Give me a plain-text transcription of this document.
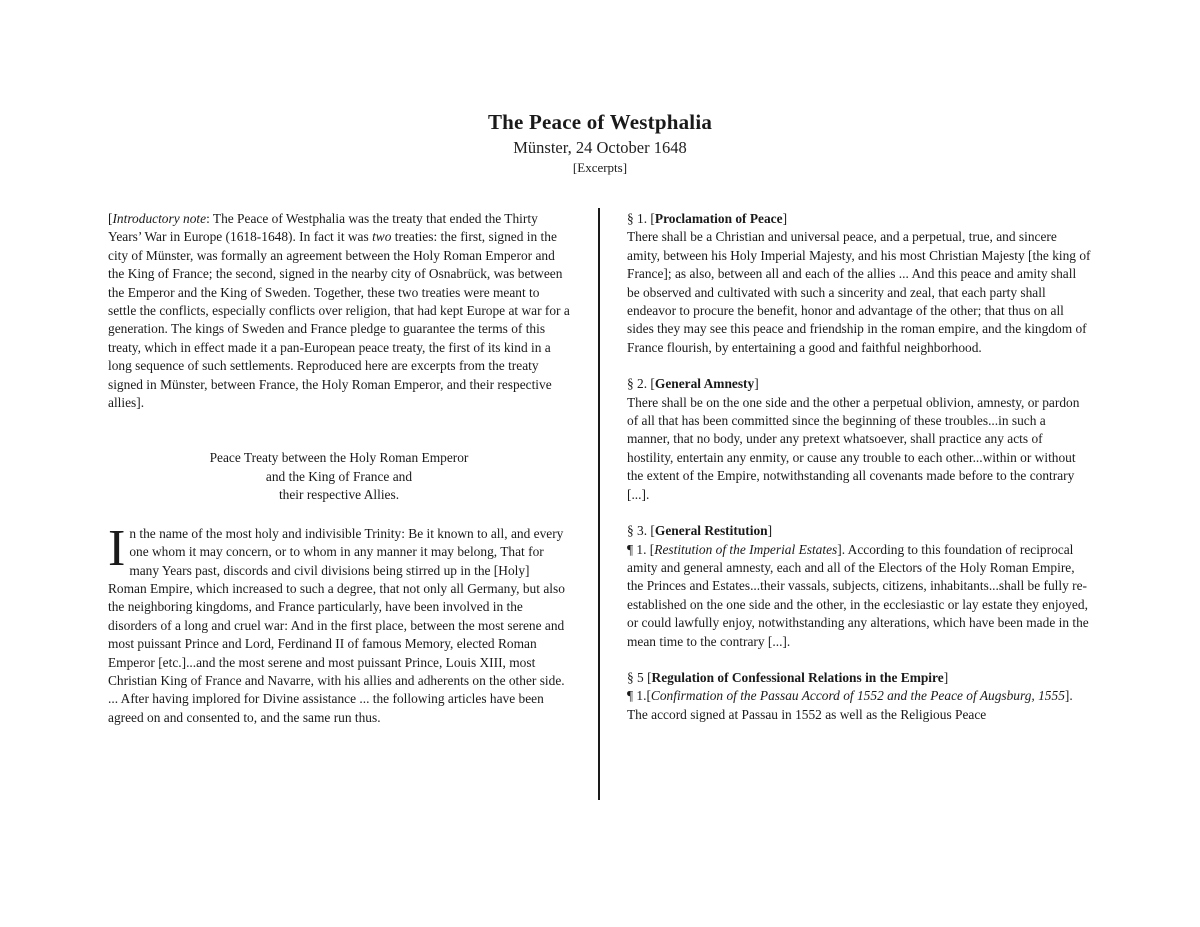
The Peace of Westphalia
Münster, 24 October 1648
[Excerpts]

[Introductory note: The Peace of Westphalia was the treaty that ended the Thirty Years’ War in Europe (1618-1648). In fact it was two treaties: the first, signed in the city of Münster, was formally an agreement between the Holy Roman Emperor and the King of France; the second, signed in the nearby city of Osnabrück, was between the Emperor and the King of Sweden. Together, these two treaties were meant to settle the conflicts, especially conflicts over religion, that had kept Europe at war for a generation. The kings of Sweden and France pledge to guarantee the terms of this treaty, which in effect made it a pan-European peace treaty, the first of its kind in a long sequence of such settlements. Reproduced here are excerpts from the treaty signed in Münster, between France, the Holy Roman Emperor, and their respective allies].

Peace Treaty between the Holy Roman Emperor
and the King of France and
their respective Allies.

In the name of the most holy and indivisible Trinity: Be it known to all, and every one whom it may concern, or to whom in any manner it may belong, That for many Years past, discords and civil divisions being stirred up in the [Holy] Roman Empire, which increased to such a degree, that not only all Germany, but also the neighboring kingdoms, and France particularly, have been involved in the disorders of a long and cruel war: And in the first place, between the most serene and most puissant Prince and Lord, Ferdinand II of famous Memory, elected Roman Emperor [etc.]...and the most serene and most puissant Prince, Louis XIII, most Christian King of France and Navarre, with his allies and adherents on the other side. ... After having implored for Divine assistance ... the following articles have been agreed on and consented to, and the same run thus.

§ 1. [Proclamation of Peace]

There shall be a Christian and universal peace, and a perpetual, true, and sincere amity, between his Holy Imperial Majesty, and his most Christian Majesty [the king of France]; as also, between all and each of the allies ... And this peace and amity shall be observed and cultivated with such a sincerity and zeal, that each party shall endeavor to procure the benefit, honor and advantage of the other; that thus on all sides they may see this peace and friendship in the roman empire, and the kingdom of France flourish, by entertaining a good and faithful neighborhood.

§ 2. [General Amnesty]

There shall be on the one side and the other a perpetual oblivion, amnesty, or pardon of all that has been committed since the beginning of these troubles...in such a manner, that no body, under any pretext whatsoever, shall practice any acts of hostility, entertain any enmity, or cause any trouble to each other...within or without the extent of the Empire, notwithstanding all covenants made before to the contrary [...].

§ 3. [General Restitution]

¶ 1. [Restitution of the Imperial Estates]. According to this foundation of reciprocal amity and general amnesty, each and all of the Electors of the Holy Roman Empire, the Princes and Estates...their vassals, subjects, citizens, inhabitants...shall be fully re-established on the one side and the other, in the ecclesiastic or lay estate they enjoyed, or could lawfully enjoy, notwithstanding any alterations, which have been made in the mean time to the contrary [...].

§ 5 [Regulation of Confessional Relations in the Empire]

¶ 1.[Confirmation of the Passau Accord of 1552 and the Peace of Augsburg, 1555]. The accord signed at Passau in 1552 as well as the Religious Peace
